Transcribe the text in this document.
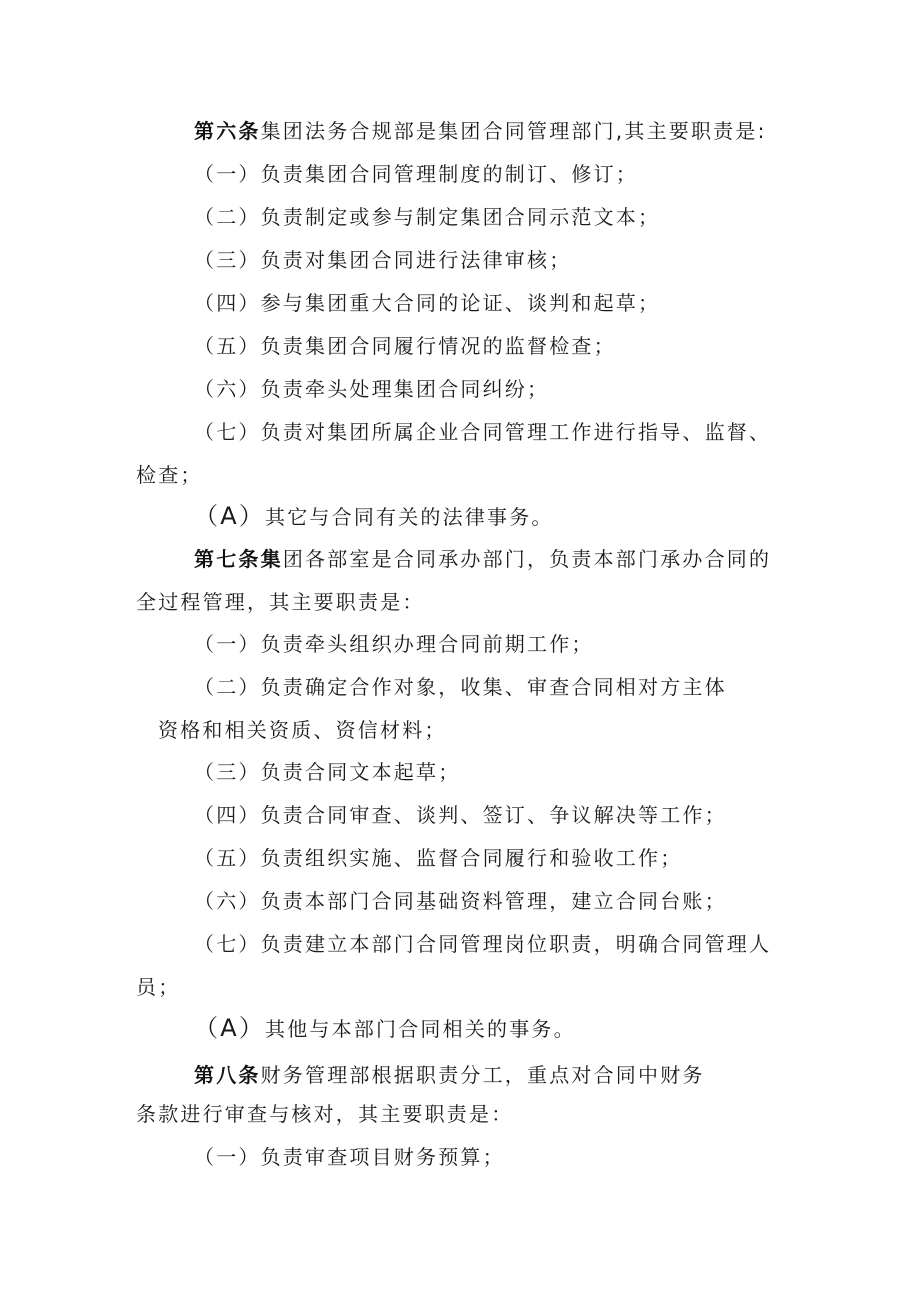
第六条集团法务合规部是集团合同管理部门,其主要职责是:
（一）负责集团合同管理制度的制订、修订；
（二）负责制定或参与制定集团合同示范文本；
（三）负责对集团合同进行法律审核；
（四）参与集团重大合同的论证、谈判和起草；
（五）负责集团合同履行情况的监督检查；
（六）负责牵头处理集团合同纠纷；
（七）负责对集团所属企业合同管理工作进行指导、监督、
检查；
（A）其它与合同有关的法律事务。
第七条集团各部室是合同承办部门，负责本部门承办合同的
全过程管理，其主要职责是：
（一）负责牵头组织办理合同前期工作；
（二）负责确定合作对象，收集、审查合同相对方主体
资格和相关资质、资信材料；
（三）负责合同文本起草；
（四）负责合同审查、谈判、签订、争议解决等工作；
（五）负责组织实施、监督合同履行和验收工作；
（六）负责本部门合同基础资料管理，建立合同台账；
（七）负责建立本部门合同管理岗位职责，明确合同管理人
员；
（A）其他与本部门合同相关的事务。
第八条财务管理部根据职责分工，重点对合同中财务
条款进行审查与核对，其主要职责是：
（一）负责审查项目财务预算；
